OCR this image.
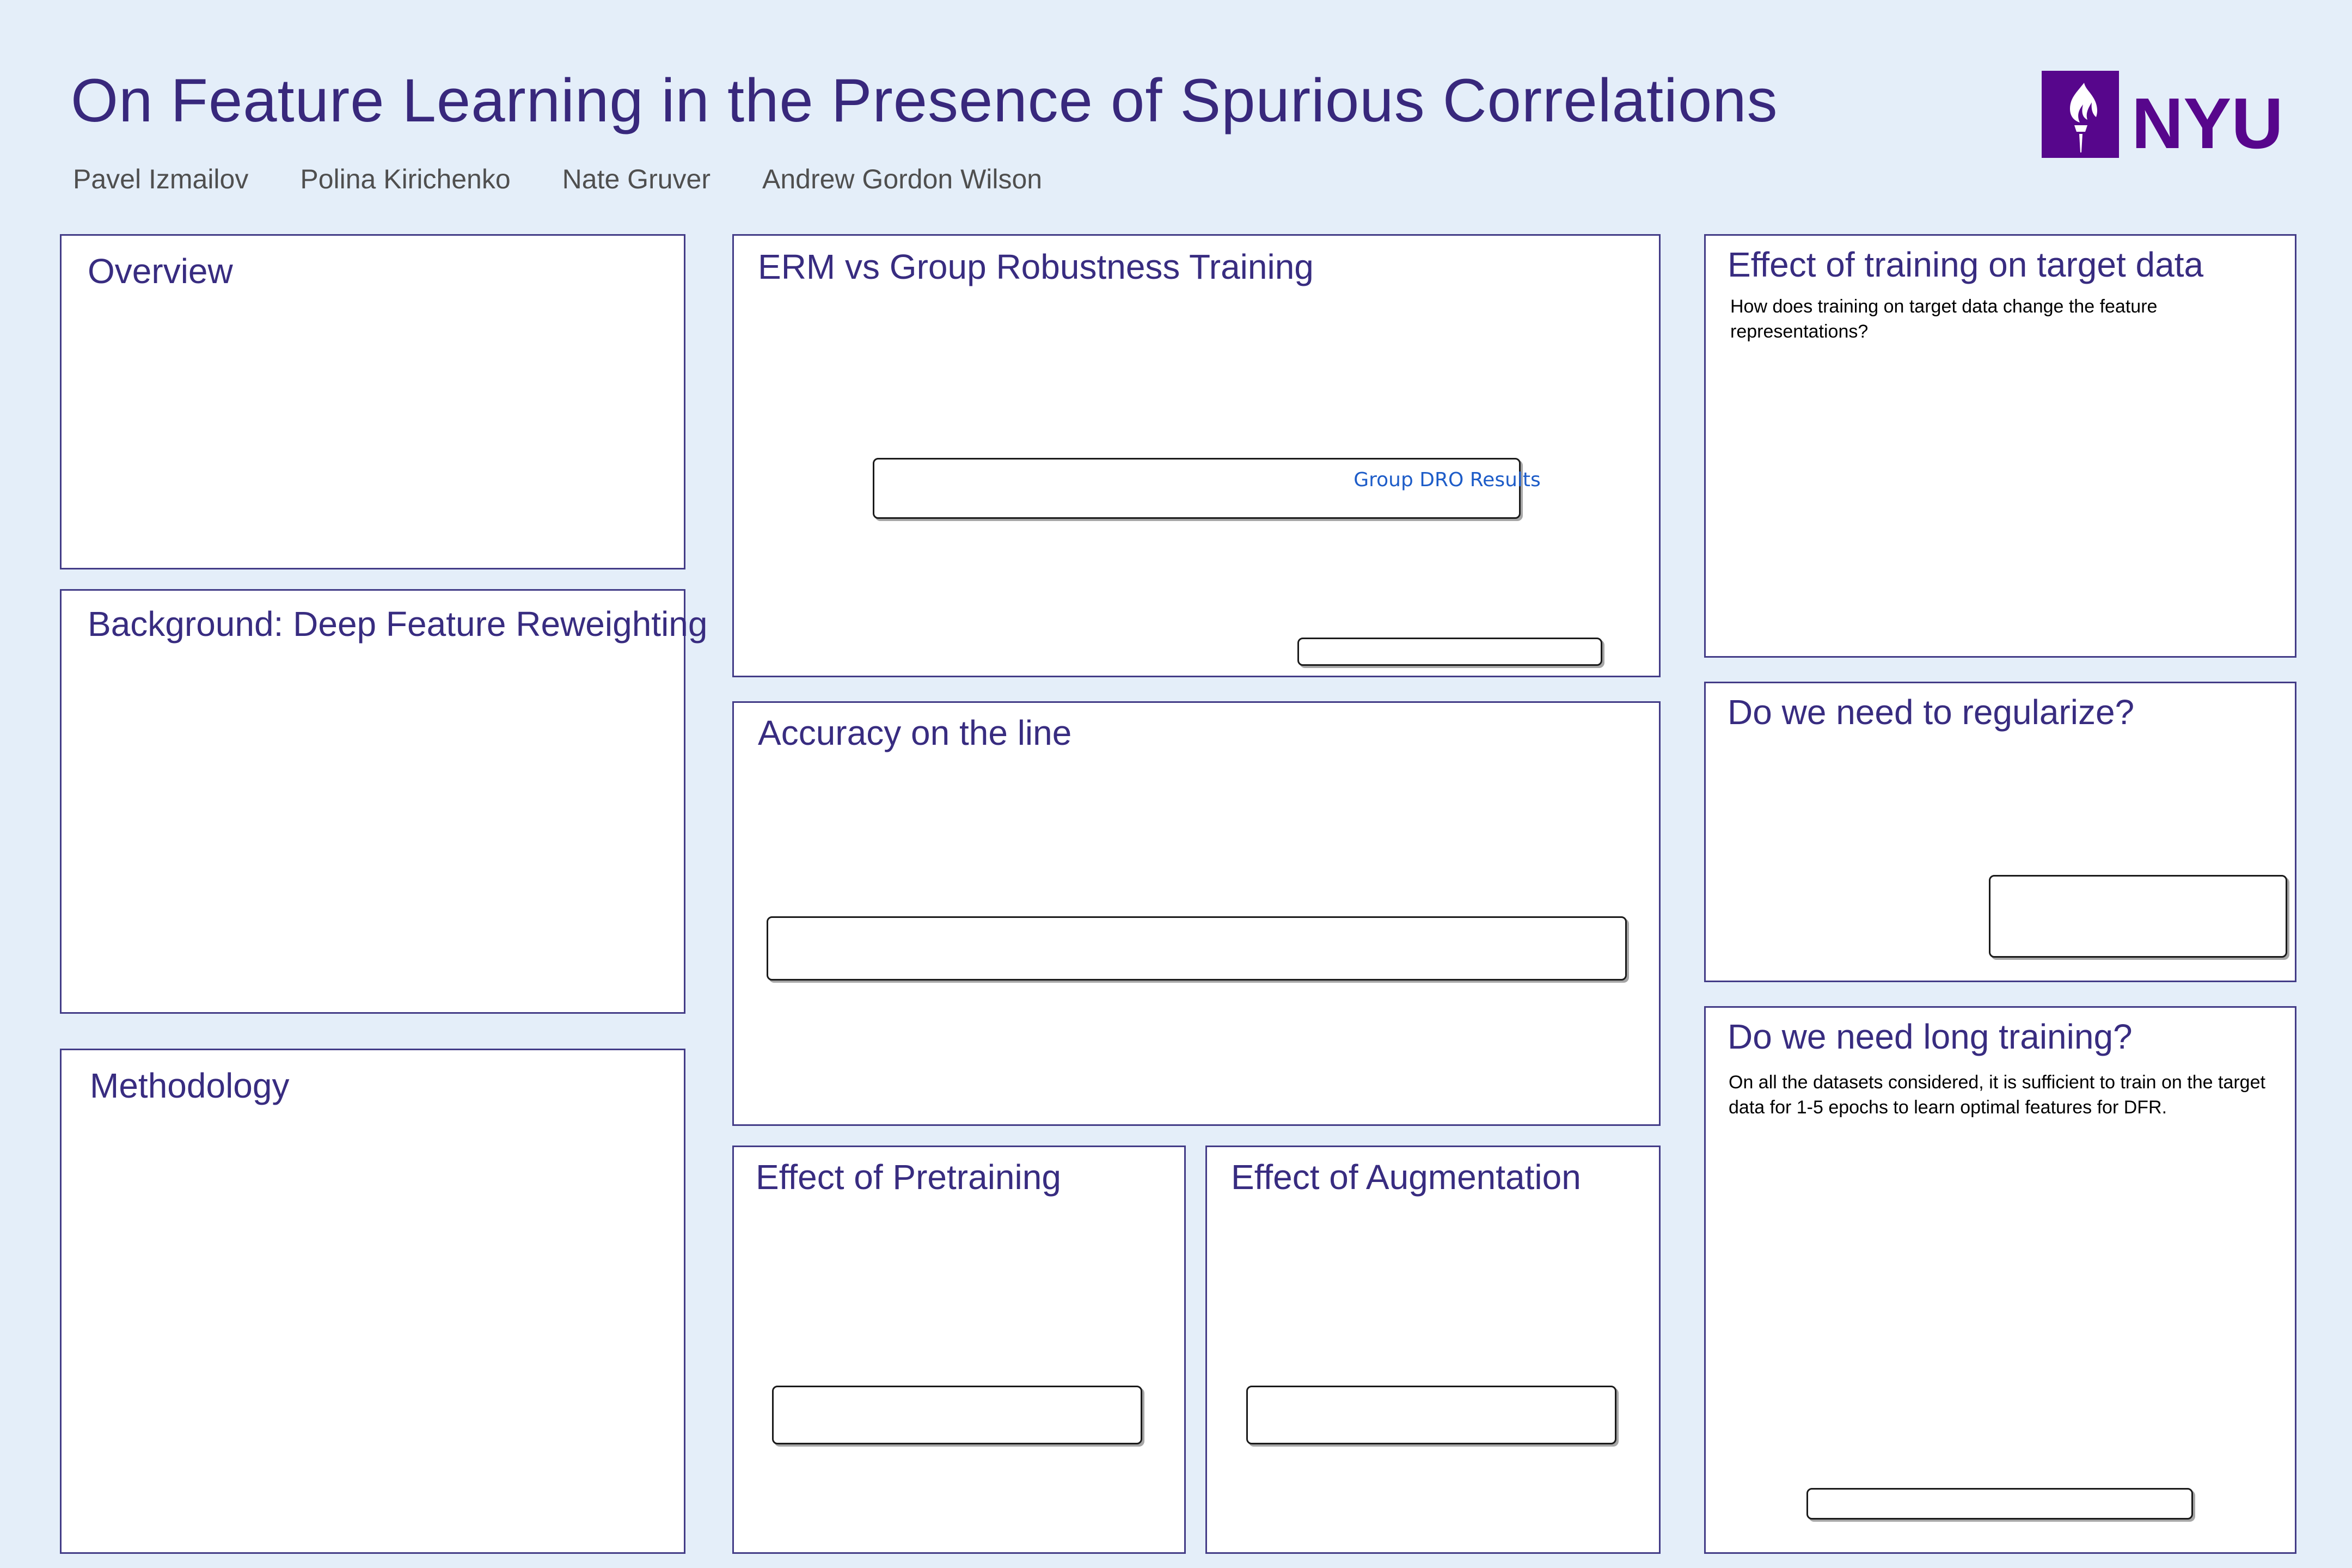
On Feature Learning in the Presence of Spurious Correlations
Pavel Izmailov Polina Kirichenko Nate Gruver Andrew Gordon Wilson
NYU
Overview
Background: Deep Feature Reweighting
Methodology
ERM vs Group Robustness Training
Group DRO Results
Accuracy on the line
Effect of Pretraining	Effect of Augmentation
Effect of training on target data
How does training on target data change the feature representations?
Do we need to regularize?
Do we need long training?
On all the datasets considered, it is sufficient to train on the target data for 1-5 epochs to learn optimal features for DFR.
